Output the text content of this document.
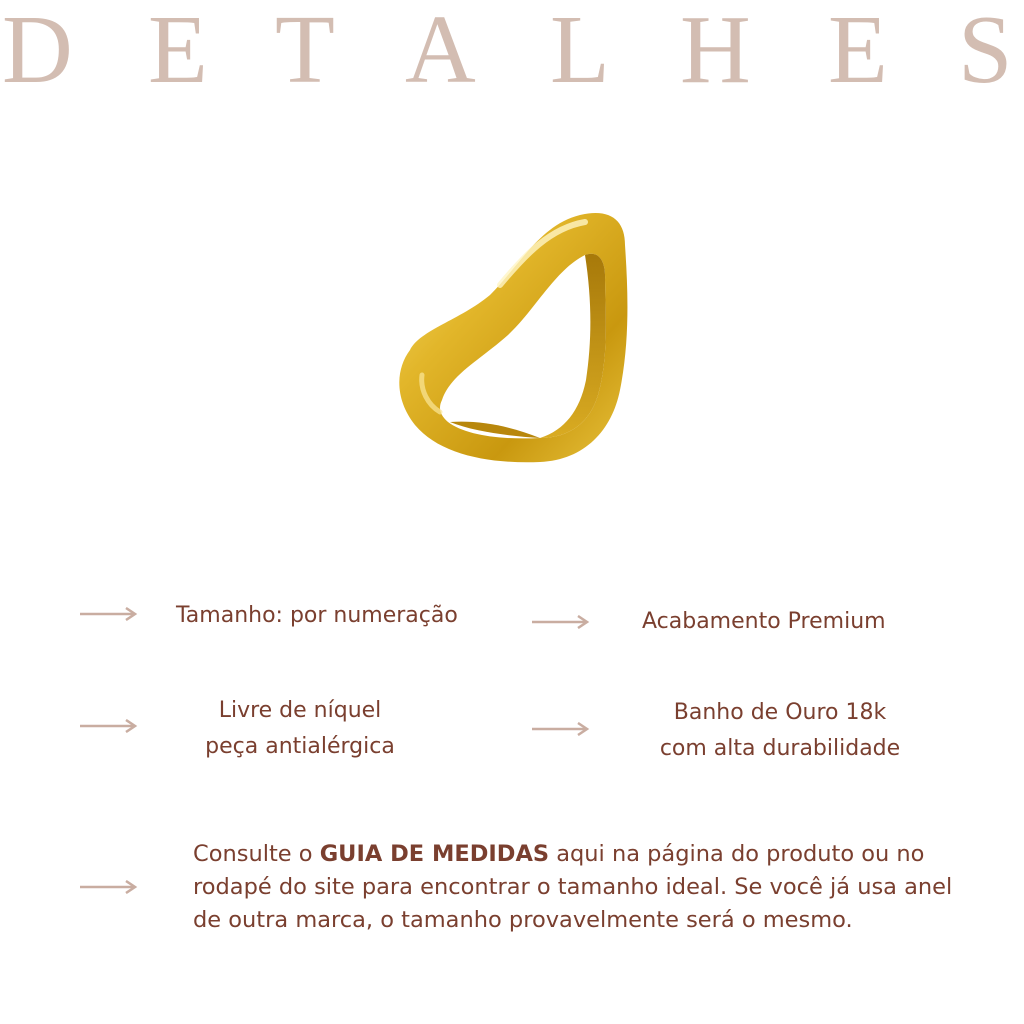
D E T A L H E S
Tamanho: por numeração	Acabamento Premium
Livre de níquel
peça antialérgica
Banho de Ouro 18k
com alta durabilidade
Consulte o GUIA DE MEDIDAS aqui na página do produto ou no rodapé do site para encontrar o tamanho ideal. Se você já usa anel de outra marca, o tamanho provavelmente será o mesmo.
